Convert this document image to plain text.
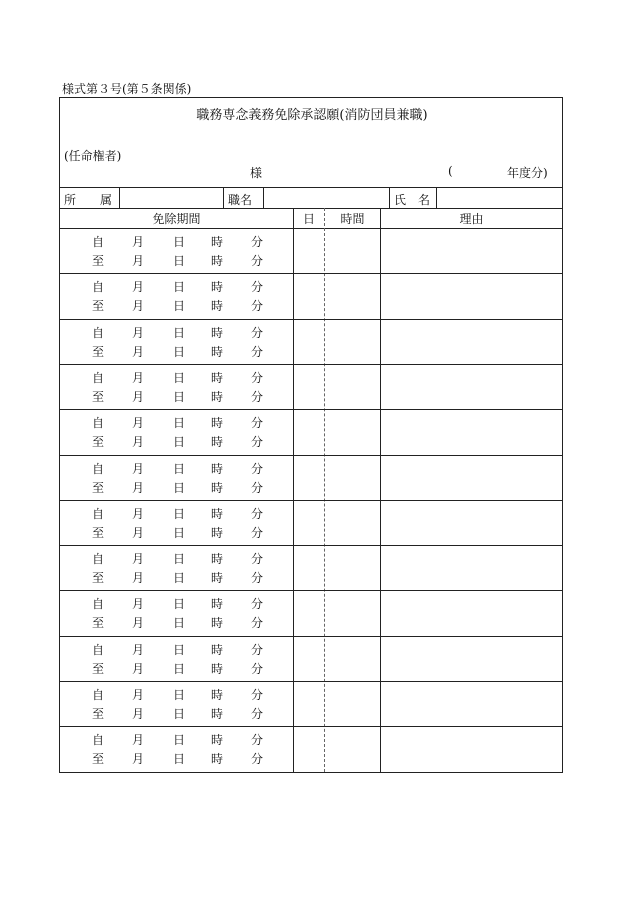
様式第３号(第５条関係)
職務専念義務免除承認願(消防団員兼職)
(任命権者)
様	(	年度分)
所　　属	職名	氏　名
免除期間	日	時間	理由
自 月 日 時 分
至 月 日 時 分
自 月 日 時 分
至 月 日 時 分
自 月 日 時 分
至 月 日 時 分
自 月 日 時 分
至 月 日 時 分
自 月 日 時 分
至 月 日 時 分
自 月 日 時 分
至 月 日 時 分
自 月 日 時 分
至 月 日 時 分
自 月 日 時 分
至 月 日 時 分
自 月 日 時 分
至 月 日 時 分
自 月 日 時 分
至 月 日 時 分
自 月 日 時 分
至 月 日 時 分
自 月 日 時 分
至 月 日 時 分
